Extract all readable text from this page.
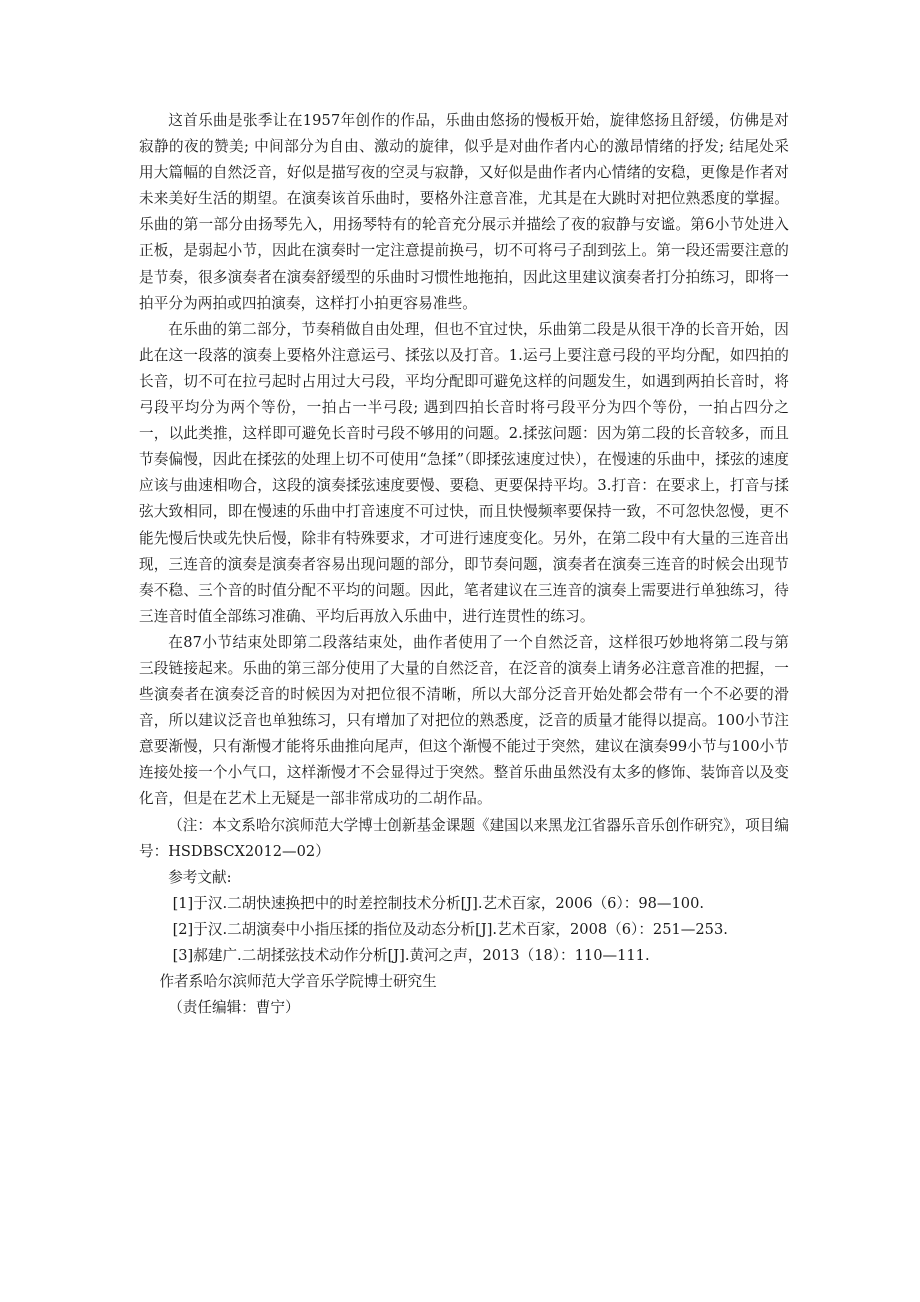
这首乐曲是张季让在1957年创作的作品，乐曲由悠扬的慢板开始，旋律悠扬且舒缓，仿佛是对寂静的夜的赞美; 中间部分为自由、激动的旋律，似乎是对曲作者内心的激昂情绪的抒发; 结尾处采用大篇幅的自然泛音，好似是描写夜的空灵与寂静，又好似是曲作者内心情绪的安稳，更像是作者对未来美好生活的期望。在演奏该首乐曲时，要格外注意音准，尤其是在大跳时对把位熟悉度的掌握。乐曲的第一部分由扬琴先入，用扬琴特有的轮音充分展示并描绘了夜的寂静与安谧。第6小节处进入正板，是弱起小节，因此在演奏时一定注意提前换弓，切不可将弓子刮到弦上。第一段还需要注意的是节奏，很多演奏者在演奏舒缓型的乐曲时习惯性地拖拍，因此这里建议演奏者打分拍练习，即将一拍平分为两拍或四拍演奏，这样打小拍更容易准些。

在乐曲的第二部分，节奏稍做自由处理，但也不宜过快，乐曲第二段是从很干净的长音开始，因此在这一段落的演奏上要格外注意运弓、揉弦以及打音。1.运弓上要注意弓段的平均分配，如四拍的长音，切不可在拉弓起时占用过大弓段，平均分配即可避免这样的问题发生，如遇到两拍长音时，将弓段平均分为两个等份，一拍占一半弓段; 遇到四拍长音时将弓段平分为四个等份，一拍占四分之一，以此类推，这样即可避免长音时弓段不够用的问题。2.揉弦问题：因为第二段的长音较多，而且节奏偏慢，因此在揉弦的处理上切不可使用“急揉”（即揉弦速度过快），在慢速的乐曲中，揉弦的速度应该与曲速相吻合，这段的演奏揉弦速度要慢、要稳、更要保持平均。3.打音：在要求上，打音与揉弦大致相同，即在慢速的乐曲中打音速度不可过快，而且快慢频率要保持一致，不可忽快忽慢，更不能先慢后快或先快后慢，除非有特殊要求，才可进行速度变化。另外，在第二段中有大量的三连音出现，三连音的演奏是演奏者容易出现问题的部分，即节奏问题，演奏者在演奏三连音的时候会出现节奏不稳、三个音的时值分配不平均的问题。因此，笔者建议在三连音的演奏上需要进行单独练习，待三连音时值全部练习准确、平均后再放入乐曲中，进行连贯性的练习。

在87小节结束处即第二段落结束处，曲作者使用了一个自然泛音，这样很巧妙地将第二段与第三段链接起来。乐曲的第三部分使用了大量的自然泛音，在泛音的演奏上请务必注意音准的把握，一些演奏者在演奏泛音的时候因为对把位很不清晰，所以大部分泛音开始处都会带有一个不必要的滑音，所以建议泛音也单独练习，只有增加了对把位的熟悉度，泛音的质量才能得以提高。100小节注意要渐慢，只有渐慢才能将乐曲推向尾声，但这个渐慢不能过于突然，建议在演奏99小节与100小节连接处接一个小气口，这样渐慢才不会显得过于突然。整首乐曲虽然没有太多的修饰、装饰音以及变化音，但是在艺术上无疑是一部非常成功的二胡作品。

（注：本文系哈尔滨师范大学博士创新基金课题《建国以来黑龙江省器乐音乐创作研究》，项目编号：HSDBSCX2012—02）

参考文献:

[1]于汉.二胡快速换把中的时差控制技术分析[J].艺术百家，2006（6）：98—100.

[2]于汉.二胡演奏中小指压揉的指位及动态分析[J].艺术百家，2008（6）：251—253.

[3]郝建广.二胡揉弦技术动作分析[J].黄河之声，2013（18）：110—111.

作者系哈尔滨师范大学音乐学院博士研究生

（责任编辑：曹宁）
